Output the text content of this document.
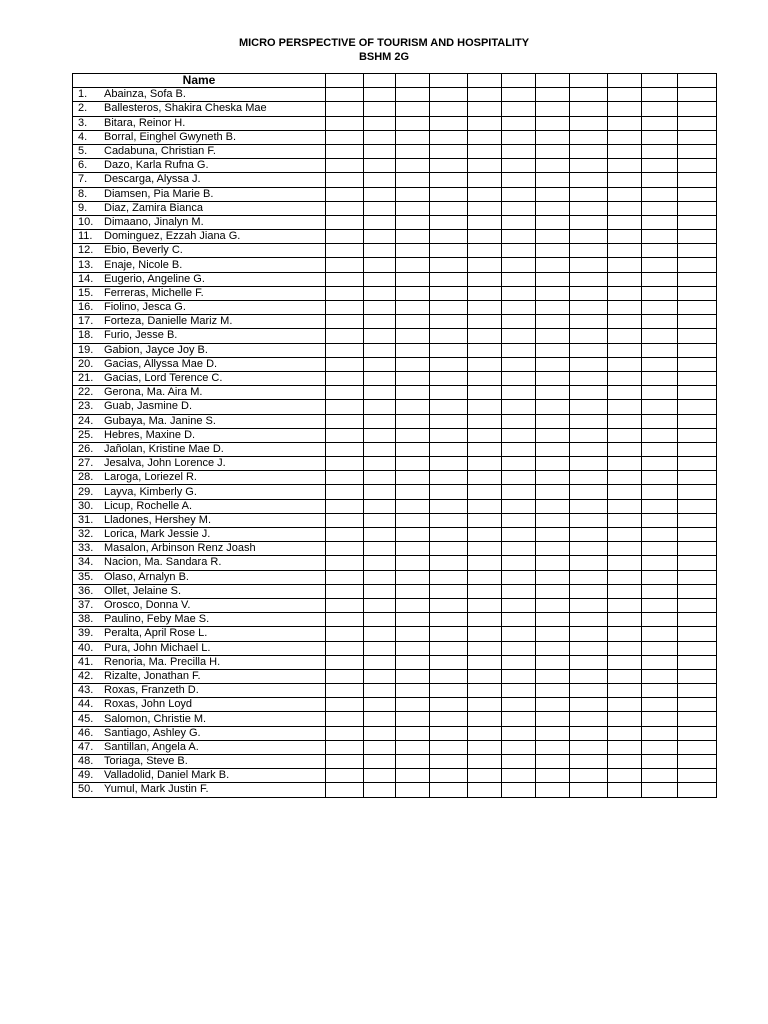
MICRO PERSPECTIVE OF TOURISM AND HOSPITALITY
BSHM 2G
Name											
1. Abainza, Sofa B.											
2. Ballesteros, Shakira Cheska Mae											
3. Bitara, Reinor H.											
4. Borral, Einghel Gwyneth B.											
5. Cadabuna, Christian F.											
6. Dazo, Karla Rufna G.											
7. Descarga, Alyssa J.											
8. Diamsen, Pia Marie B.											
9. Diaz, Zamira Bianca											
10. Dimaano, Jinalyn M.											
11. Dominguez, Ezzah Jiana G.											
12. Ebio, Beverly C.											
13. Enaje, Nicole B.											
14. Eugerio, Angeline G.											
15. Ferreras, Michelle F.											
16. Fiolino, Jesca G.											
17. Forteza, Danielle Mariz M.											
18. Furio, Jesse B.											
19. Gabion, Jayce Joy B.											
20. Gacias, Allyssa Mae D.											
21. Gacias, Lord Terence C.											
22. Gerona, Ma. Aira M.											
23. Guab, Jasmine D.											
24. Gubaya, Ma. Janine S.											
25. Hebres, Maxine D.											
26. Jañolan, Kristine Mae D.											
27. Jesalva, John Lorence J.											
28. Laroga, Loriezel R.											
29. Layva, Kimberly G.											
30. Licup, Rochelle A.											
31. Lladones, Hershey M.											
32. Lorica, Mark Jessie J.											
33. Masalon, Arbinson Renz Joash											
34. Nacion, Ma. Sandara R.											
35. Olaso, Arnalyn B.											
36. Ollet, Jelaine S.											
37. Orosco, Donna V.											
38. Paulino, Feby Mae S.											
39. Peralta, April Rose L.											
40. Pura, John Michael L.											
41. Renoria, Ma. Precilla H.											
42. Rizalte, Jonathan F.											
43. Roxas, Franzeth D.											
44. Roxas, John Loyd											
45. Salomon, Christie M.											
46. Santiago, Ashley G.											
47. Santillan, Angela A.											
48. Toriaga, Steve B.											
49. Valladolid, Daniel Mark B.											
50. Yumul, Mark Justin F.											
